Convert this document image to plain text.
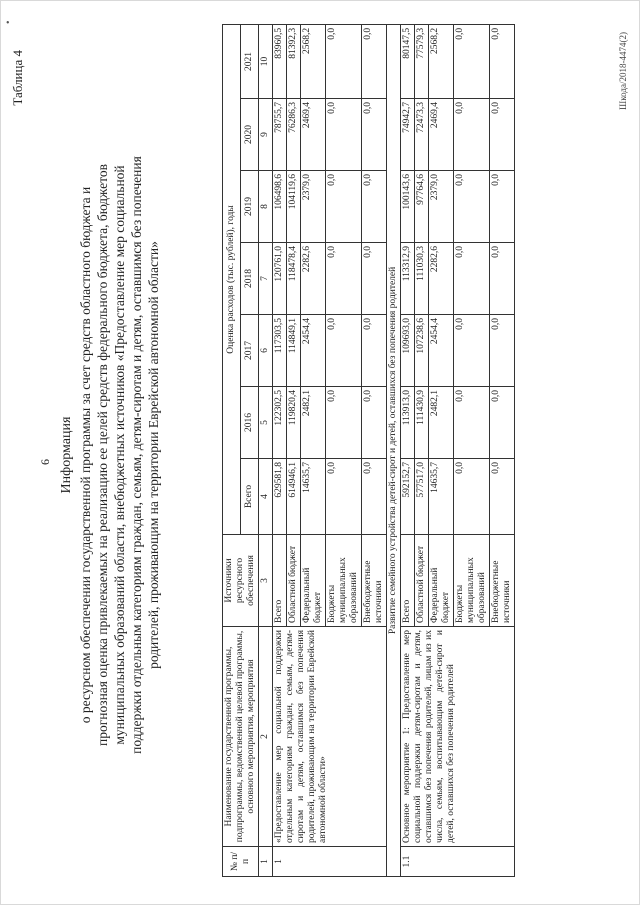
•
6
Таблица 4
Информация о ресурсном обеспечении государственной программы за счет средств областного бюджета и прогнозная оценка привлекаемых на реализацию ее целей средств федерального бюджета, бюджетов муниципальных образований области, внебюджетных источников «Предоставление мер социальной поддержки отдельным категориям граждан, семьям, детям-сиротам и детям, оставшимся без попечения родителей, проживающим на территории Еврейской автономной области»
№ п/п	Наименование государственной программы, подпрограммы, ведомственной целевой программы, основного мероприятия, мероприятия	Источники ресурсного обеспечения	Оценка расходов (тыс. рублей), годы						
			Всего	2016	2017	2018	2019	2020	2021
1	2	3	4	5	6	7	8	9	10
1	«Предоставление мер социальной поддержки отдельным категориям граждан, семьям, детям-сиротам и детям, оставшимся без попечения родителей, проживающим на территории Еврейской автономной области»	Всего	629581,8	122302,5	117303,5	120761,0	106498,6	78755,7	83960,5
		Областной бюджет	614946,1	119820,4	114849,1	118478,4	104119,6	76286,3	81392,3
		Федеральный бюджет	14635,7	2482,1	2454,4	2282,6	2379,0	2469,4	2568,2
		Бюджеты муниципальных образований	0,0	0,0	0,0	0,0	0,0	0,0	0,0
		Внебюджетные источники	0,0	0,0	0,0	0,0	0,0	0,0	0,0
Развитие семейного устройства детей-сирот и детей, оставшихся без попечения родителей									
1.1	Основное мероприятие 1: Предоставление мер социальной поддержки детям-сиротам и детям, оставшимся без попечения родителей, лицам из их числа, семьям, воспитывающим детей-сирот и детей, оставшихся без попечения родителей	Всего	592152,7	113913,0	109693,0	113312,9	100143,6	74942,7	80147,5
		Областной бюджет	577517,0	111430,9	107238,6	111030,3	97764,6	72473,3	77579,3
		Федеральный бюджет	14635,7	2482,1	2454,4	2282,6	2379,0	2469,4	2568,2
		Бюджеты муниципальных образований	0,0	0,0	0,0	0,0	0,0	0,0	0,0
		Внебюджетные источники	0,0	0,0	0,0	0,0	0,0	0,0	0,0	Шкода/2018-4474(2)
